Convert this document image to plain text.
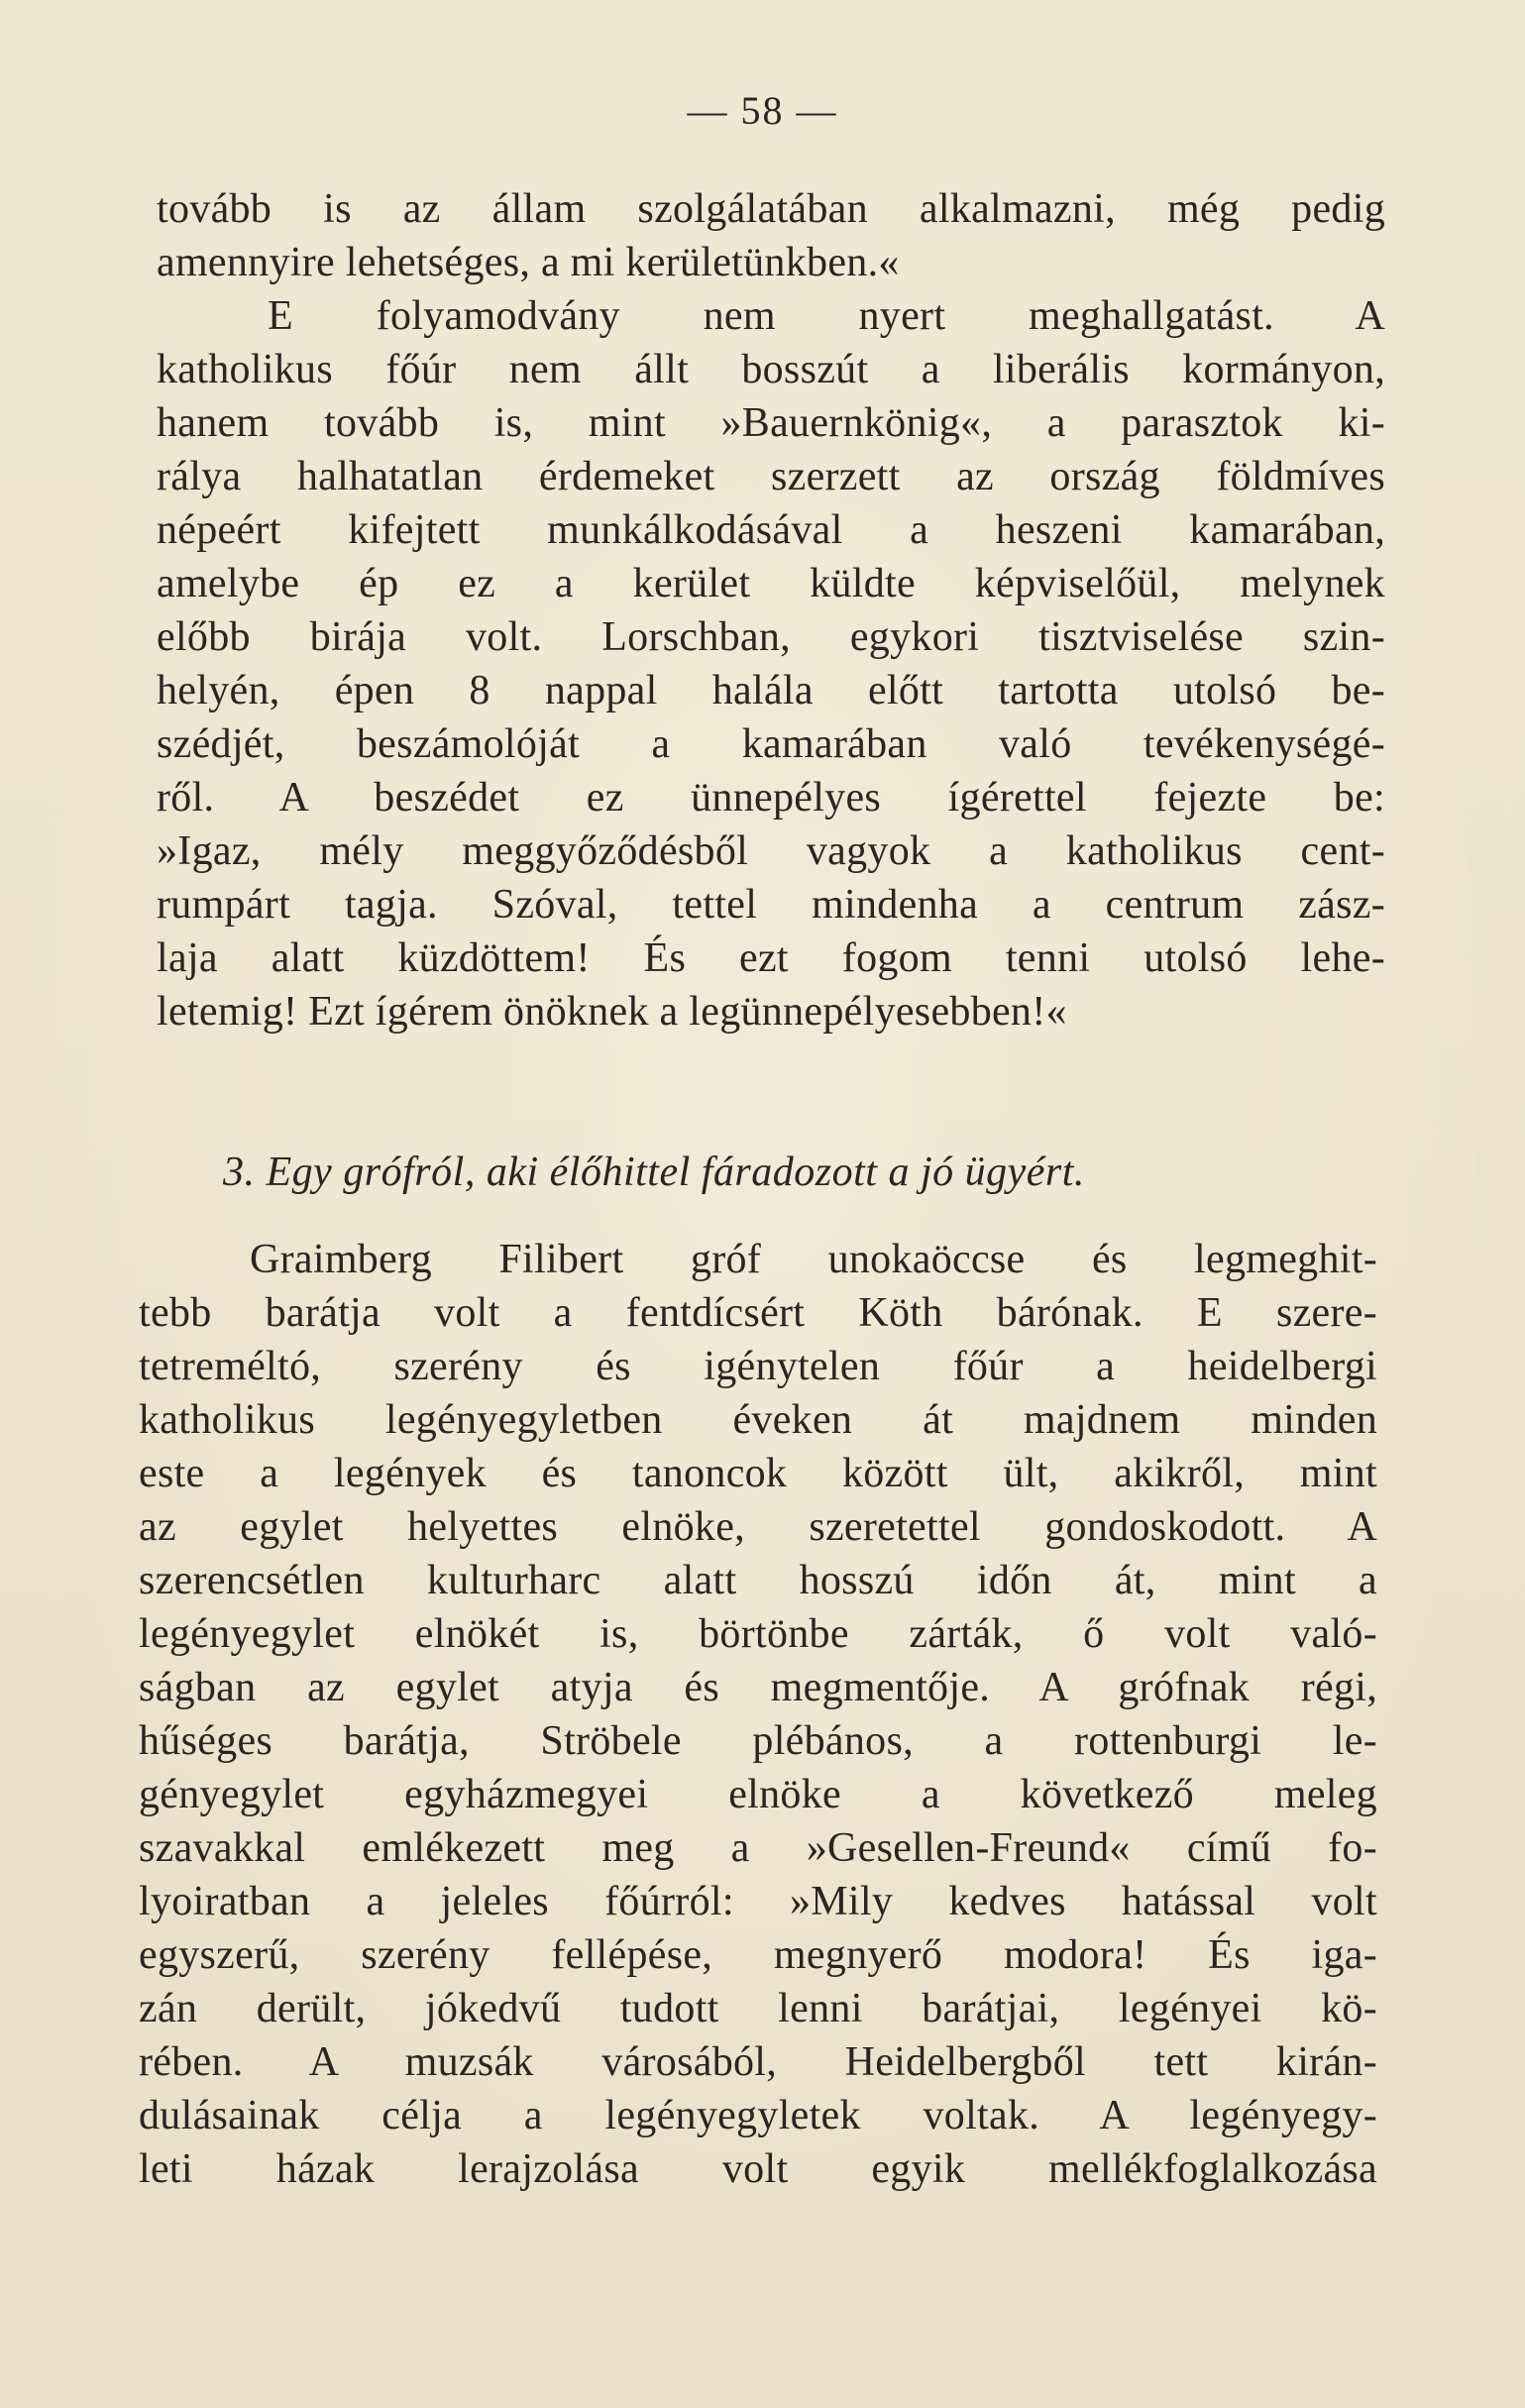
— 58 —
tovább is az állam szolgálatában alkalmazni, még pedig
amennyire lehetséges, a mi kerületünkben.«
E folyamodvány nem nyert meghallgatást. A
katholikus főúr nem állt bosszút a liberális kormányon,
hanem tovább is, mint »Bauernkönig«, a parasztok ki-
rálya halhatatlan érdemeket szerzett az ország földmíves
népeért kifejtett munkálkodásával a heszeni kamarában,
amelybe ép ez a kerület küldte képviselőül, melynek
előbb birája volt. Lorschban, egykori tisztviselése szin-
helyén, épen 8 nappal halála előtt tartotta utolsó be-
szédjét, beszámolóját a kamarában való tevékenységé-
ről. A beszédet ez ünnepélyes ígérettel fejezte be:
»Igaz, mély meggyőződésből vagyok a katholikus cent-
rumpárt tagja. Szóval, tettel mindenha a centrum zász-
laja alatt küzdöttem! És ezt fogom tenni utolsó lehe-
letemig! Ezt ígérem önöknek a legünnepélyesebben!«
3. Egy grófról, aki élőhittel fáradozott a jó ügyért.
Graimberg Filibert gróf unokaöccse és legmeghit-
tebb barátja volt a fentdícsért Köth bárónak. E szere-
tetreméltó, szerény és igénytelen főúr a heidelbergi
katholikus legényegyletben éveken át majdnem minden
este a legények és tanoncok között ült, akikről, mint
az egylet helyettes elnöke, szeretettel gondoskodott. A
szerencsétlen kulturharc alatt hosszú időn át, mint a
legényegylet elnökét is, börtönbe zárták, ő volt való-
ságban az egylet atyja és megmentője. A grófnak régi,
hűséges barátja, Ströbele plébános, a rottenburgi le-
gényegylet egyházmegyei elnöke a következő meleg
szavakkal emlékezett meg a »Gesellen-Freund« című fo-
lyoiratban a jeleles főúrról: »Mily kedves hatással volt
egyszerű, szerény fellépése, megnyerő modora! És iga-
zán derült, jókedvű tudott lenni barátjai, legényei kö-
rében. A muzsák városából, Heidelbergből tett kirán-
dulásainak célja a legényegyletek voltak. A legényegy-
leti házak lerajzolása volt egyik mellékfoglalkozása
